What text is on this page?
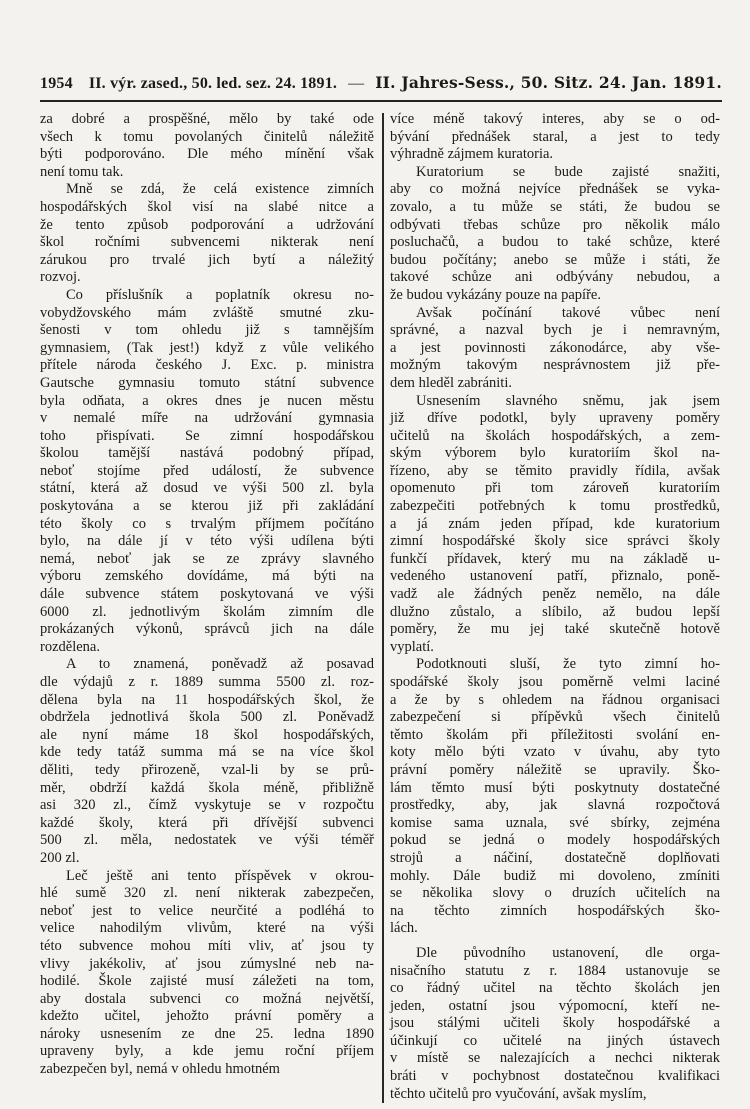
1954 II. výr. zased., 50. led. sez. 24. 1891. — II. Jahres-Sess., 50. Sitz. 24. Jan. 1891.
za dobré a prospěšné, mělo by také ode
všech k tomu povolaných činitelů náležitě
býti podporováno. Dle mého mínění však
není tomu tak.
Mně se zdá, že celá existence zimních
hospodářských škol visí na slabé nitce a
že tento způsob podporování a udržování
škol ročními subvencemi nikterak není
zárukou pro trvalé jich bytí a náležitý
rozvoj.
Co příslušník a poplatník okresu no-
vobydžovského mám zvláště smutné zku-
šenosti v tom ohledu již s tamnějším
gymnasiem, (Tak jest!) když z vůle velikého
přítele národa českého J. Exc. p. ministra
Gautsche gymnasiu tomuto státní subvence
byla odňata, a okres dnes je nucen městu
v nemalé míře na udržování gymnasia
toho přispívati. Se zimní hospodářskou
školou tamější nastává podobný případ,
neboť stojíme před událostí, že subvence
státní, která až dosud ve výši 500 zl. byla
poskytována a se kterou již při zakládání
této školy co s trvalým příjmem počítáno
bylo, na dále jí v této výši udílena býti
nemá, neboť jak se ze zprávy slavného
výboru zemského dovídáme, má býti na
dále subvence státem poskytovaná ve výši
6000 zl. jednotlivým školám zimním dle
prokázaných výkonů, správců jich na dále
rozdělena.
A to znamená, poněvadž až posavad
dle výdajů z r. 1889 summa 5500 zl. roz-
dělena byla na 11 hospodářských škol, že
obdržela jednotlivá škola 500 zl. Poněvadž
ale nyní máme 18 škol hospodářských,
kde tedy tatáž summa má se na více škol
děliti, tedy přirozeně, vzal-li by se prů-
měr, obdrží každá škola méně, přibližně
asi 320 zl., čímž vyskytuje se v rozpočtu
každé školy, která při dřívější subvenci
500 zl. měla, nedostatek ve výši téměř
200 zl.
Leč ještě ani tento příspěvek v okrou-
hlé sumě 320 zl. není nikterak zabezpečen,
neboť jest to velice neurčité a podléhá to
velice nahodilým vlivům, které na výši
této subvence mohou míti vliv, ať jsou ty
vlivy jakékoliv, ať jsou zúmyslné neb na-
hodilé. Škole zajisté musí záležeti na tom,
aby dostala subvenci co možná největší,
kdežto učitel, jehožto právní poměry a
nároky usnesením ze dne 25. ledna 1890
upraveny byly, a kde jemu roční příjem
zabezpečen byl, nemá v ohledu hmotném
více méně takový interes, aby se o od-
bývání přednášek staral, a jest to tedy
výhradně zájmem kuratoria.
Kuratorium se bude zajisté snažiti,
aby co možná nejvíce přednášek se vyka-
zovalo, a tu může se státi, že budou se
odbývati třebas schůze pro několik málo
posluchačů, a budou to také schůze, které
budou počítány; anebo se může i státi, že
takové schůze ani odbývány nebudou, a
že budou vykázány pouze na papíře.
Avšak počínání takové vůbec není
správné, a nazval bych je i nemravným,
a jest povinnosti zákonodárce, aby vše-
možným takovým nesprávnostem již pře-
dem hleděl zabrániti.
Usnesením slavného sněmu, jak jsem
již dříve podotkl, byly upraveny poměry
učitelů na školách hospodářských, a zem-
ským výborem bylo kuratoriím škol na-
řízeno, aby se těmito pravidly řídila, avšak
opomenuto při tom zároveň kuratoriím
zabezpečiti potřebných k tomu prostředků,
a já znám jeden případ, kde kuratorium
zimní hospodářské školy sice správci školy
funkčí přídavek, který mu na základě u-
vedeného ustanovení patří, přiznalo, poně-
vadž ale žádných peněz nemělo, na dále
dlužno zůstalo, a slíbilo, až budou lepší
poměry, že mu jej také skutečně hotově
vyplatí.
Podotknouti sluší, že tyto zimní ho-
spodářské školy jsou poměrně velmi laciné
a že by s ohledem na řádnou organisaci
zabezpečení si přípěvků všech činitelů
těmto školám při příležitosti svolání en-
koty mělo býti vzato v úvahu, aby tyto
právní poměry náležitě se upravily. Ško-
lám těmto musí býti poskytnuty dostatečné
prostředky, aby, jak slavná rozpočtová
komise sama uznala, své sbírky, zejména
pokud se jedná o modely hospodářských
strojů a náčiní, dostatečně doplňovati
mohly. Dále budiž mi dovoleno, zmíniti
se několika slovy o druzích učitelích na
na těchto zimních hospodářských ško-
lách.
Dle původního ustanovení, dle orga-
nisačního statutu z r. 1884 ustanovuje se
co řádný učitel na těchto školách jen
jeden, ostatní jsou výpomocní, kteří ne-
jsou stálými učiteli školy hospodářské a
účinkují co učitelé na jiných ústavech
v místě se nalezajících a nechci nikterak
bráti v pochybnost dostatečnou kvalifikaci
těchto učitelů pro vyučování, avšak myslím,
